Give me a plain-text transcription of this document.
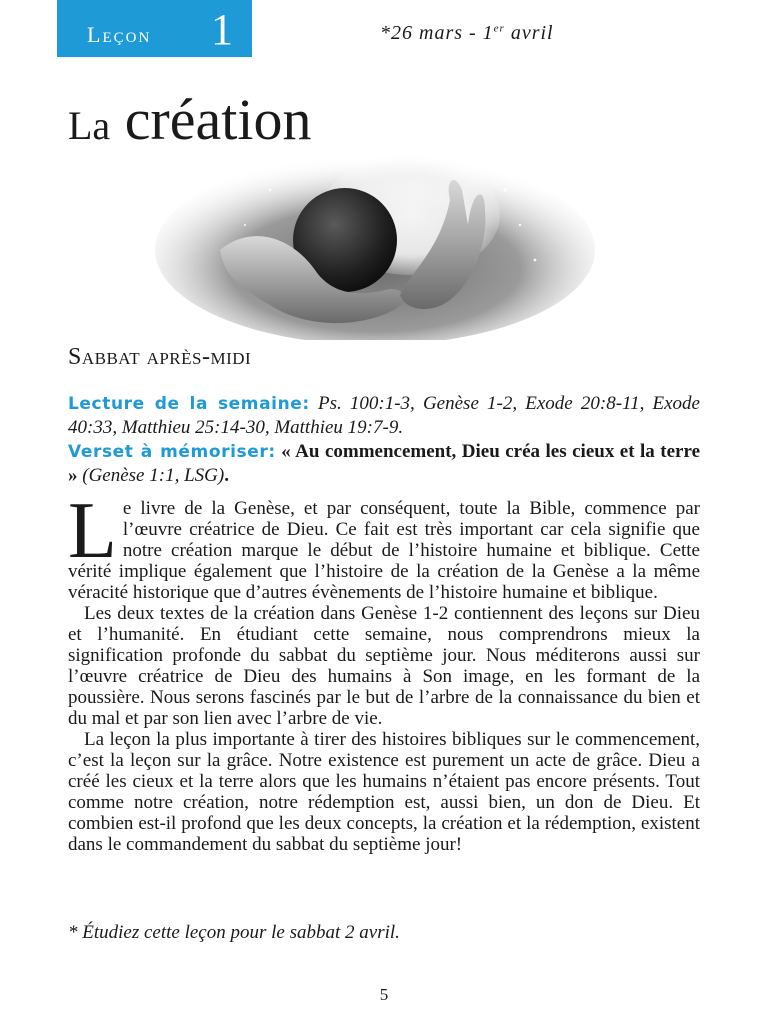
Leçon 1	*26 mars - 1er avril
La création
Sabbat après-midi
Lecture de la semaine: Ps. 100:1-3, Genèse 1-2, Exode 20:8-11, Exode 40:33, Matthieu 25:14-30, Matthieu 19:7-9.
Verset à mémoriser: « Au commencement, Dieu créa les cieux et la terre » (Genèse 1:1, LSG).

Le livre de la Genèse, et par conséquent, toute la Bible, commence par l’œuvre créatrice de Dieu. Ce fait est très important car cela signifie que notre création marque le début de l’histoire humaine et biblique. Cette vérité implique également que l’histoire de la création de la Genèse a la même véracité historique que d’autres évènements de l’histoire humaine et biblique.

Les deux textes de la création dans Genèse 1-2 contiennent des leçons sur Dieu et l’humanité. En étudiant cette semaine, nous comprendrons mieux la signification profonde du sabbat du septième jour. Nous méditerons aussi sur l’œuvre créatrice de Dieu des humains à Son image, en les formant de la poussière. Nous serons fascinés par le but de l’arbre de la connaissance du bien et du mal et par son lien avec l’arbre de vie.

La leçon la plus importante à tirer des histoires bibliques sur le commencement, c’est la leçon sur la grâce. Notre existence est purement un acte de grâce. Dieu a créé les cieux et la terre alors que les humains n’étaient pas encore présents. Tout comme notre création, notre rédemption est, aussi bien, un don de Dieu. Et combien est-il profond que les deux concepts, la création et la rédemption, existent dans le commandement du sabbat du septième jour!

* Étudiez cette leçon pour le sabbat 2 avril.
5
